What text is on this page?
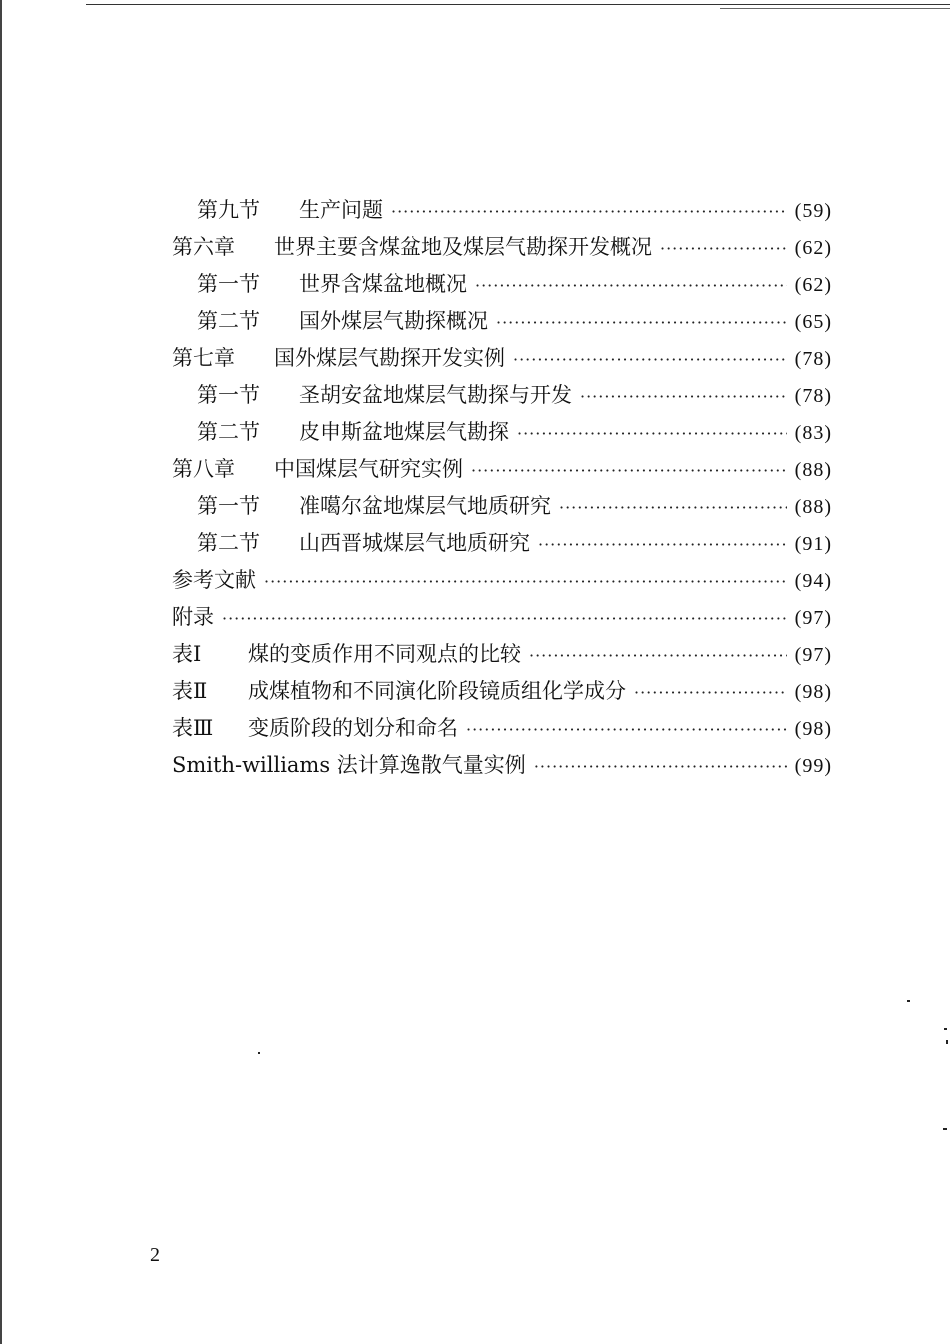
第九节	生产问题 ·····	(59)
第六章	世界主要含煤盆地及煤层气勘探开发概况 ·····	(62)
第一节	世界含煤盆地概况 ·····	(62)
第二节	国外煤层气勘探概况 ·····	(65)
第七章	国外煤层气勘探开发实例 ·····	(78)
第一节	圣胡安盆地煤层气勘探与开发 ·····	(78)
第二节	皮申斯盆地煤层气勘探 ·····	(83)
第八章	中国煤层气研究实例 ·····	(88)
第一节	准噶尔盆地煤层气地质研究 ·····	(88)
第二节	山西晋城煤层气地质研究 ·····	(91)
参考文献 ·····	(94)
附录 ·····	(97)
表Ⅰ	煤的变质作用不同观点的比较 ·····	(97)
表Ⅱ	成煤植物和不同演化阶段镜质组化学成分 ·····	(98)
表Ⅲ	变质阶段的划分和命名 ·····	(98)
Smith-williams 法计算逸散气量实例 ·····	(99)
2
